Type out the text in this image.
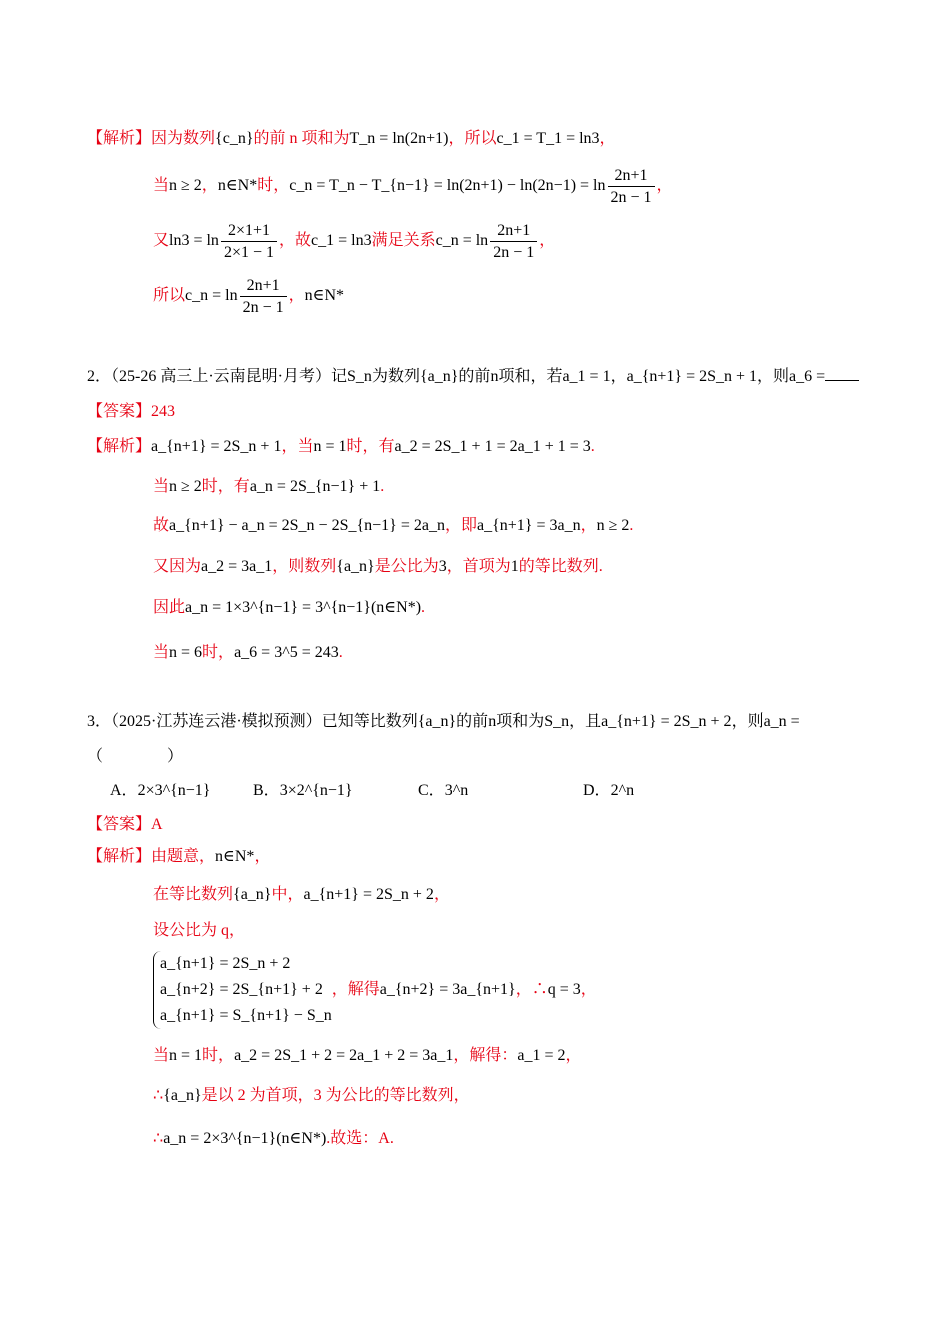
【解析】因为数列{c_n}的前 n 项和为T_n = ln(2n+1)，所以c_1 = T_1 = ln3，
当n ≥ 2，n∈N*时，c_n = T_n − T_{n−1} = $\ln(2n+1) - \ln(2n-1) = \ln \frac{2n+1}{2n - 1}$ ，
又$\ln 3 = \ln \frac{2\times 1+1}{2\times 1 - 1}$ ，故c_1 = ln3满足关系c_n = $\ln \frac{2n+1}{2n - 1}$ ，
所以c_n = $\ln \frac{2n+1}{2n - 1}$ ，n∈N*
2．（25-26 高三上·云南昆明·月考）记S_n为数列{a_n}的前n项和，若a_1 = 1，a_{n+1} = 2S_n + 1，则a_6 =
【答案】243
【解析】a_{n+1} = 2S_n + 1，当n = 1时，有a_2 = 2S_1 + 1 = 2a_1 + 1 = 3.
当n ≥ 2时，有a_n = 2S_{n−1} + 1.
故a_{n+1} − a_n = 2S_n − 2S_{n−1} = 2a_n，即a_{n+1} = 3a_n，n ≥ 2.
又因为a_2 = 3a_1，则数列{a_n}是公比为3，首项为1的等比数列.
因此a_n = 1×3^{n−1} = 3^{n−1}(n∈N*).
当n = 6时，a_6 = 3^5 = 243.
3．（2025·江苏连云港·模拟预测）已知等比数列{a_n}的前n项和为S_n，且a_{n+1} = 2S_n + 2，则a_n =
（　　　　）
A．2×3^{n−1}	B．3×2^{n−1}	C．3^n	D．2^n
【答案】A
【解析】由题意，n∈N*，
在等比数列{a_n}中，a_{n+1} = 2S_n + 2，
设公比为 q，
a_{n+1} = 2S_n + 2
a_{n+2} = 2S_{n+1} + 2
a_{n+1} = S_{n+1} − S_n
，解得a_{n+2} = 3a_{n+1}，∴q = 3，
当n = 1时，a_2 = 2S_1 + 2 = 2a_1 + 2 = 3a_1，解得：a_1 = 2，
∴{a_n}是以 2 为首项，3 为公比的等比数列，
∴a_n = 2×3^{n−1}(n∈N*).故选：A.
